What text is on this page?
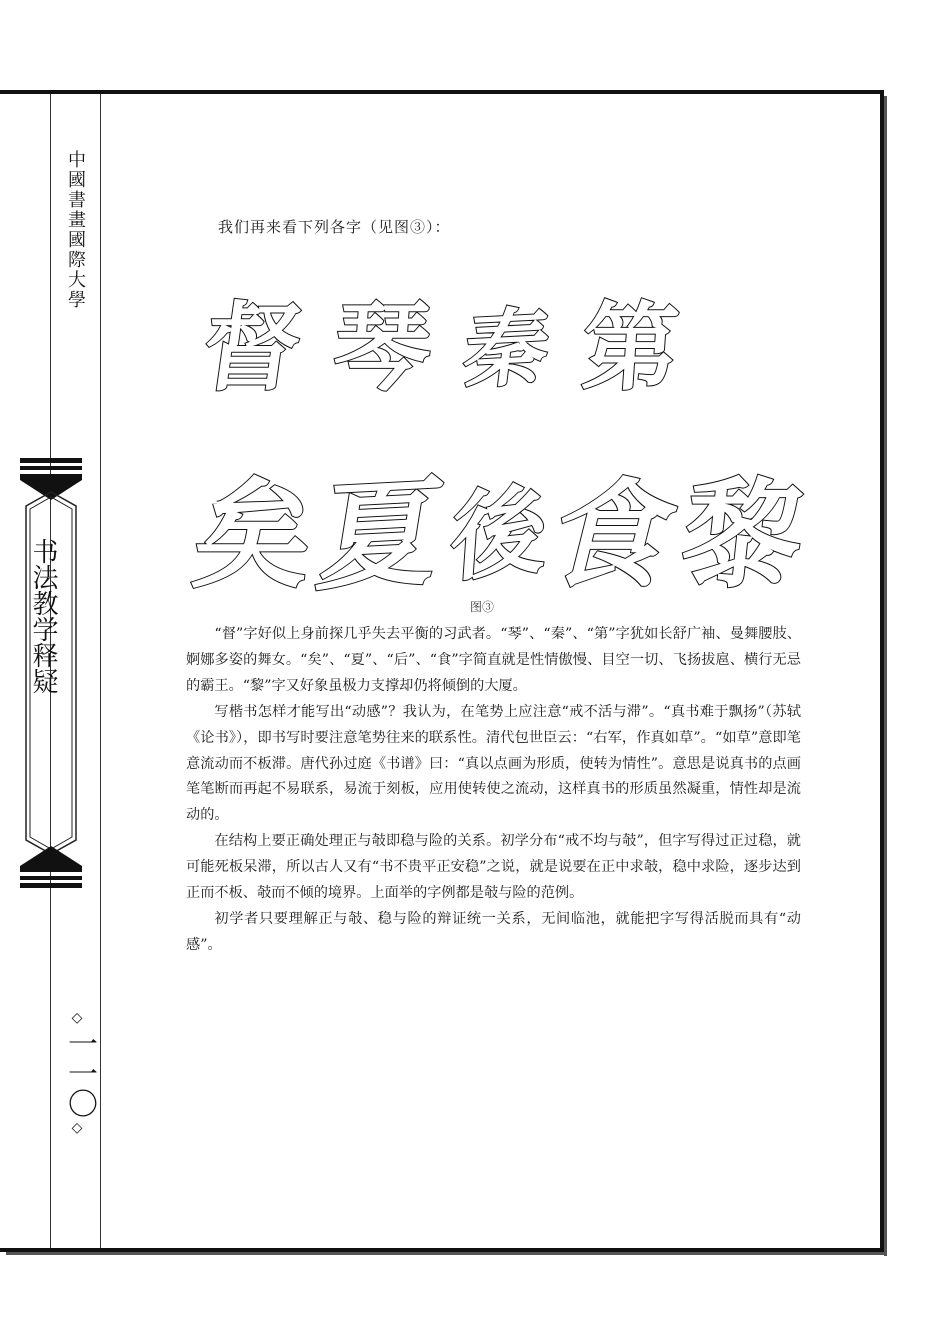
中國書畫國際大學
书法教学释疑
◇
一一〇
◇
我们再来看下列各字（见图③）：
督 琴 秦 第
矣
夏
後
食
黎
图③

“督”字好似上身前探几乎失去平衡的习武者。“琴”、“秦”、“第”字犹如长舒广袖、曼舞腰肢、婀娜多姿的舞女。“矣”、“夏”、“后”、“食”字简直就是性情傲慢、目空一切、飞扬拔扈、横行无忌的霸王。“黎”字又好象虽极力支撑却仍将倾倒的大厦。

写楷书怎样才能写出“动感”？我认为，在笔势上应注意“戒不活与滞”。“真书难于飘扬”（苏轼《论书》），即书写时要注意笔势往来的联系性。清代包世臣云：“右军，作真如草”。“如草”意即笔意流动而不板滞。唐代孙过庭《书谱》曰：“真以点画为形质，使转为情性”。意思是说真书的点画笔笔断而再起不易联系，易流于刻板，应用使转使之流动，这样真书的形质虽然凝重，情性却是流动的。

在结构上要正确处理正与攲即稳与险的关系。初学分布“戒不均与攲”，但字写得过正过稳，就可能死板呆滞，所以古人又有“书不贵平正安稳”之说，就是说要在正中求攲，稳中求险，逐步达到正而不板、攲而不倾的境界。上面举的字例都是攲与险的范例。

初学者只要理解正与攲、稳与险的辩证统一关系，无间临池，就能把字写得活脱而具有“动感”。
